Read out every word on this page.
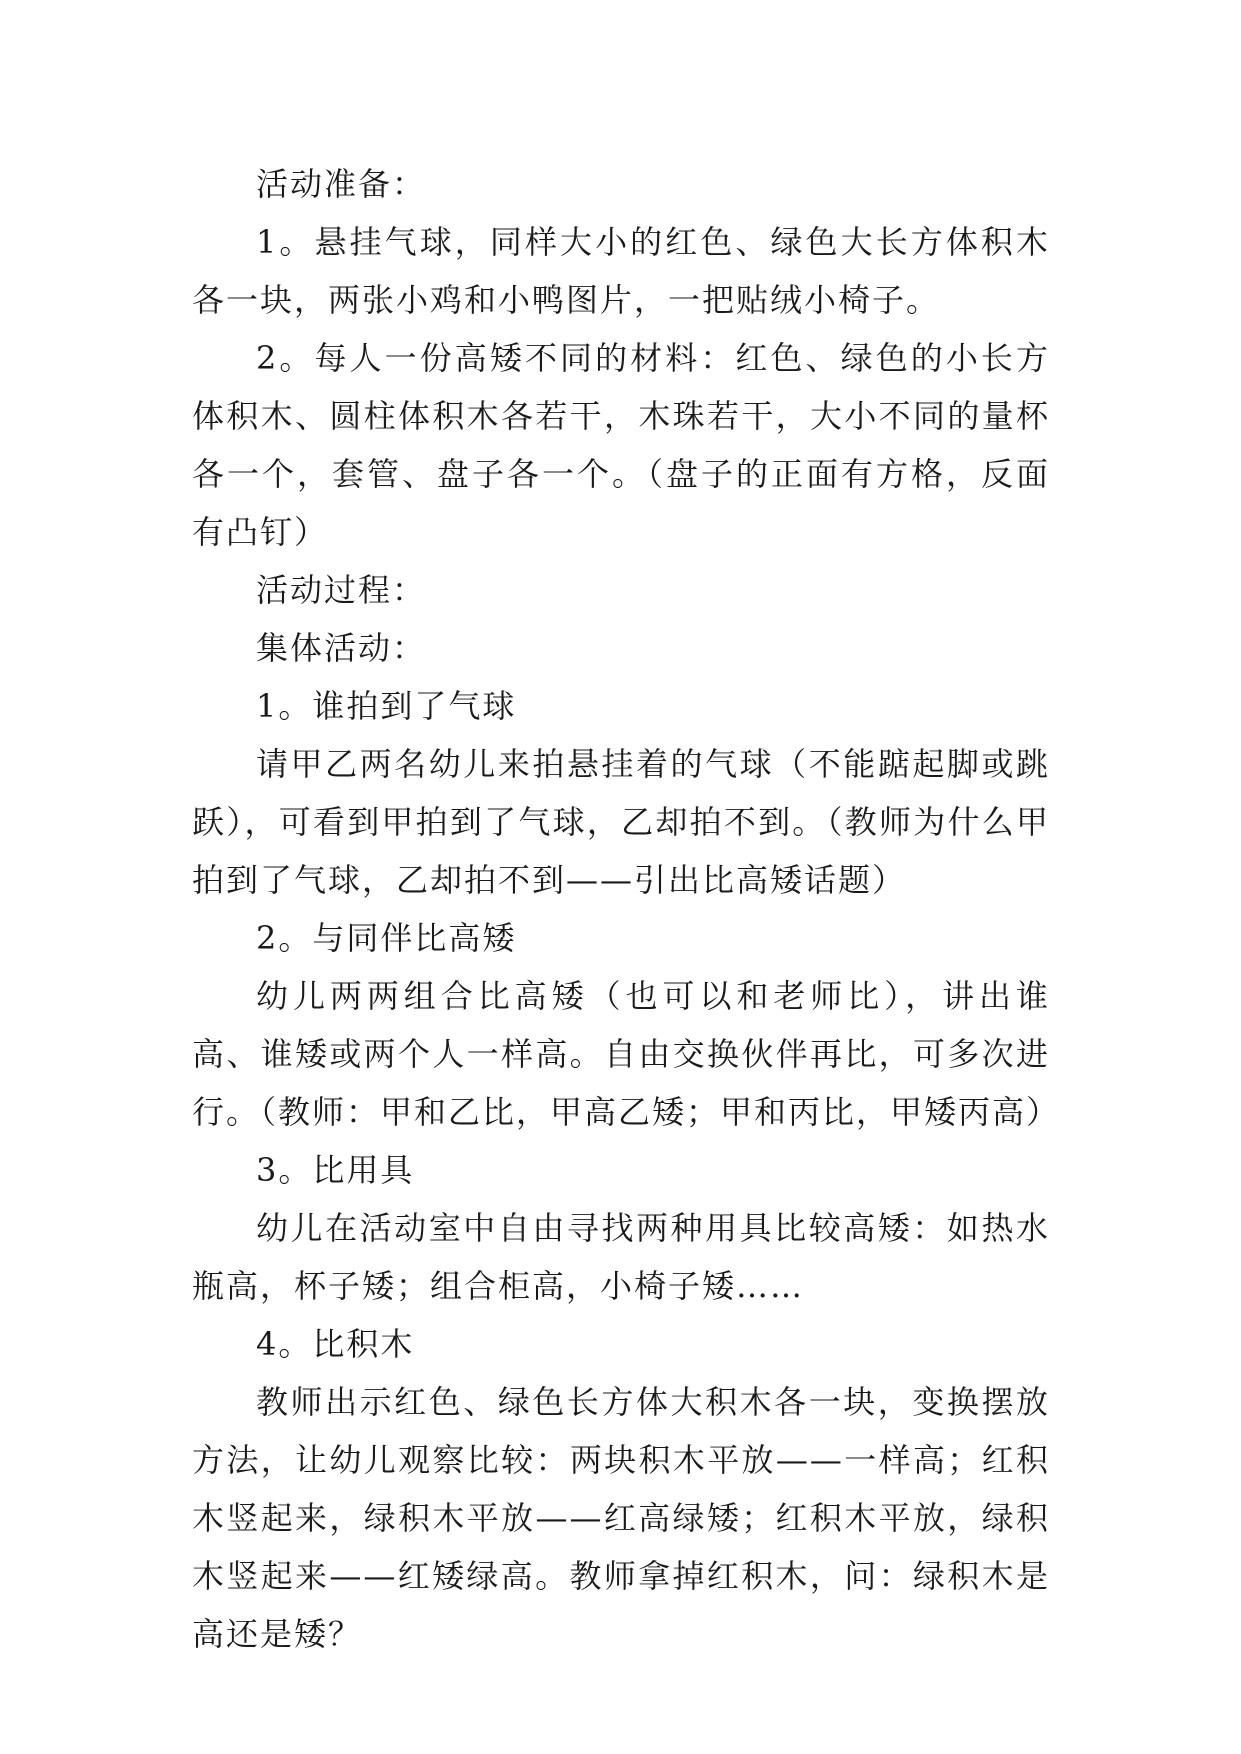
活动准备：

1。悬挂气球，同样大小的红色、绿色大长方体积木各一块，两张小鸡和小鸭图片，一把贴绒小椅子。

2。每人一份高矮不同的材料：红色、绿色的小长方体积木、圆柱体积木各若干，木珠若干，大小不同的量杯各一个，套管、盘子各一个。（盘子的正面有方格，反面有凸钉）

活动过程：

集体活动：

1。谁拍到了气球

请甲乙两名幼儿来拍悬挂着的气球（不能踮起脚或跳跃），可看到甲拍到了气球，乙却拍不到。（教师为什么甲拍到了气球，乙却拍不到——引出比高矮话题）

2。与同伴比高矮

幼儿两两组合比高矮（也可以和老师比），讲出谁高、谁矮或两个人一样高。自由交换伙伴再比，可多次进行。（教师：甲和乙比，甲高乙矮；甲和丙比，甲矮丙高）

3。比用具

幼儿在活动室中自由寻找两种用具比较高矮：如热水瓶高，杯子矮；组合柜高，小椅子矮……

4。比积木

教师出示红色、绿色长方体大积木各一块，变换摆放方法，让幼儿观察比较：两块积木平放——一样高；红积木竖起来，绿积木平放——红高绿矮；红积木平放，绿积木竖起来——红矮绿高。教师拿掉红积木，问：绿积木是高还是矮？
